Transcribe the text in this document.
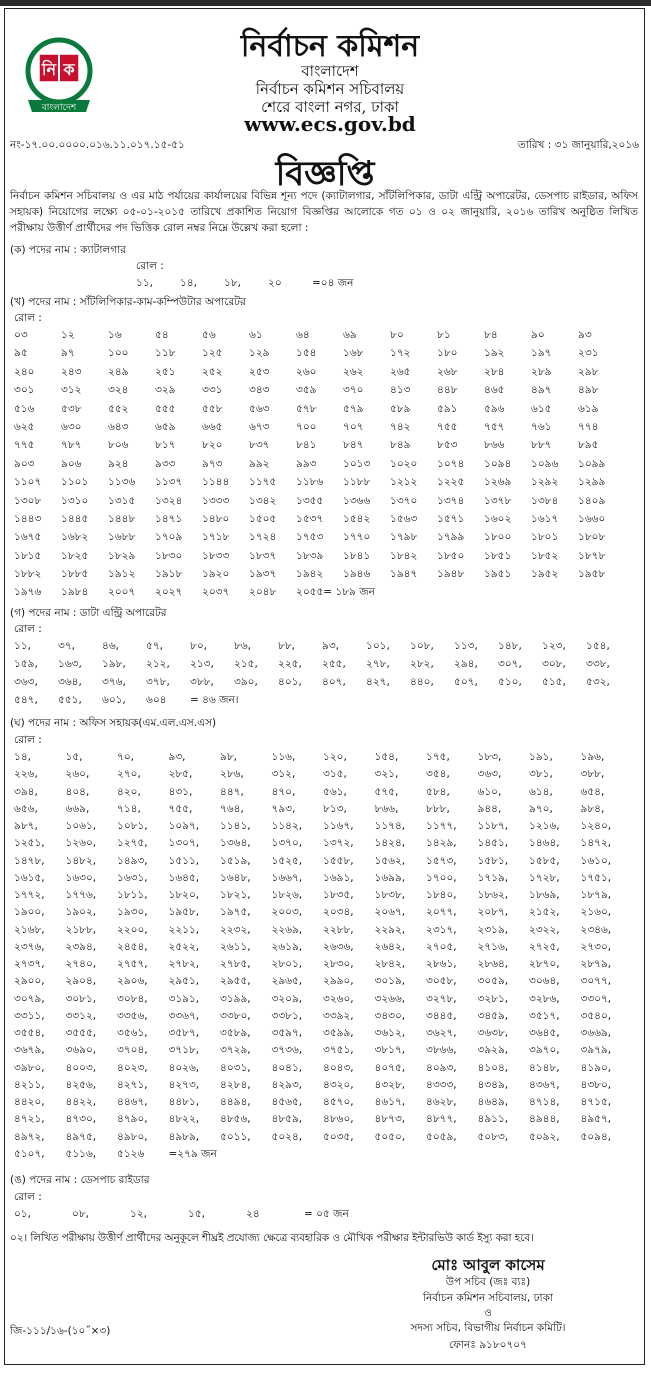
নি ক
বাংলাদেশ
নির্বাচন কমিশন
বাংলাদেশ
নির্বাচন কমিশন সচিবালয়
শেরে বাংলা নগর, ঢাকা
www.ecs.gov.bd
নং-১৭.০০.০০০০.০১৬.১১.০১৭.১৫-৫১	তারিখ : ৩১ জানুয়ারি,২০১৬
বিজ্ঞপ্তি
নির্বাচন কমিশন সচিবালয় ও এর মাঠ পর্যায়ের কার্যালয়ের বিভিন্ন শূন্য পদে (ক্যাটালগার, সাঁটলিপিকার, ডাটা এন্ট্রি অপারেটর, ডেসপাচ রাইডার, অফিস সহায়ক) নিয়োগের লক্ষ্যে ০৫-০১-২০১৫ তারিখে প্রকাশিত নিয়োগ বিজ্ঞপ্তির আলোকে গত ০১ ও ০২ জানুয়ারি, ২০১৬ তারিখ অনুষ্ঠিত লিখিত পরীক্ষায় উত্তীর্ণ প্রার্থীদের পদ ভিত্তিক রোল নম্বর নিম্নে উল্লেখ করা হলো :
(ক) পদের নাম : ক্যাটালগার
রোল :
১১,	১৪,	১৮,	২০	=০৪ জন
(খ) পদের নাম : সাঁটলিপিকার-কাম-কম্পিউটার অপারেটর
রোল :
০৩	১২	১৬	৫৪	৫৬	৬১	৬৪	৬৯	৮০	৮১	৮৪	৯০	৯৩
৯৫	৯৭	১০০	১১৮	১২৫	১২৯	১৫৪	১৬৮	১৭২	১৮০	১৯২	১৯৭	২৩১
২৪০	২৪৩	২৪৯	২৫১	২৫২	২৫৩	২৬০	২৬২	২৬৫	২৬৮	২৮৪	২৮৯	২৯৮
৩০১	৩১২	৩২৪	৩২৯	৩৩১	৩৪৩	৩৫৯	৩৭০	৪১৩	৪৪৮	৪৬৫	৪৯৭	৪৯৮
৫১৬	৫৩৮	৫৫২	৫৫৫	৫৫৮	৫৬৩	৫৭৮	৫৭৯	৫৮৯	৫৯১	৫৯৬	৬১৫	৬১৯
৬২৫	৬৩০	৬৪৩	৬৫৯	৬৬৫	৬৭৩	৭০০	৭০৭	৭৪২	৭৫৫	৭৫৭	৭৬১	৭৭৪
৭৭৫	৭৮৭	৮০৬	৮১৭	৮২০	৮৩৭	৮৪১	৮৪৭	৮৪৯	৮৫৩	৮৬৬	৮৮৭	৮৯৫
৯০৩	৯০৬	৯২৪	৯৩৩	৯৭৩	৯৯২	৯৯৩	১০১৩	১০২০	১০৭৪	১০৯৪	১০৯৬	১০৯৯
১১০৭	১১০১	১১৩৬	১১৩৭	১১৪৪	১১৭৫	১১৮৬	১১৮৮	১২১২	১২২৫	১২৬৯	১২৯২	১২৯৯
১৩০৮	১৩১০	১৩১৫	১৩২৪	১৩৩৩	১৩৪২	১৩৫৫	১৩৬৬	১৩৭০	১৩৭৪	১৩৭৮	১৩৮৪	১৪০৯
১৪৪৩	১৪৪৫	১৪৪৮	১৪৭১	১৪৮০	১৫০৫	১৫৩৭	১৫৪২	১৫৬৩	১৫৭১	১৬০২	১৬১৭	১৬৬০
১৬৭৫	১৬৮২	১৬৮৮	১৭০৯	১৭১৮	১৭২৪	১৭৫৩	১৭৭০	১৭৯৮	১৭৯৯	১৮০০	১৮০১	১৮০৮
১৮১৫	১৮২৫	১৮২৯	১৮৩০	১৮৩৩	১৮৩৭	১৮৩৯	১৮৪১	১৮৪২	১৮৫০	১৮৫১	১৮৫২	১৮৭৮
১৮৮২	১৮৮৫	১৯১২	১৯১৮	১৯২০	১৯৩৭	১৯৪২	১৯৪৬	১৯৪৭	১৯৪৮	১৯৫১	১৯৫২	১৯৫৮
১৯৭৬	১৯৮৪	২০০৭	২০২৭	২০৩৭	২০৪৮	২০৫৫= ১৮৯ জন
(গ) পদের নাম : ডাটা এন্ট্রি অপারেটর
রোল :
১১,	৩৭,	৪৬,	৫৭,	৮০,	৮৬,	৮৮,	৯৩,	১০১,	১০৮,	১১৩,	১৪৮,	১২৩,	১৫৪,
১৫৯,	১৬৩,	১৯৮,	২১২,	২১৩,	২১৫,	২২৫,	২৫৫,	২৭৮,	২৮২,	২৯৪,	৩০৭,	৩০৮,	৩৩৮,
৩৬৩,	৩৬৪,	৩৭৬,	৩৭৮,	৩৮৮,	৩৯০,	৪০১,	৪০৭,	৪২৭,	৪৪০,	৫০৭,	৫১০,	৫১৫,	৫৩২,
৫৪৭,	৫৫১,	৬০১,	৬০৪	= ৪৬ জন।
(ঘ) পদের নাম : অফিস সহায়ক(এম.এল.এস.এস)
রোল :
১৪,	১৫,	৭০,	৯৩,	৯৮,	১১৬,	১২০,	১৫৪,	১৭৫,	১৮৩,	১৯১,	১৯৬,
২২৬,	২৬০,	২৭০,	২৮৫,	২৮৬,	৩১২,	৩১৫,	৩২১,	৩৫৪,	৩৬৩,	৩৮১,	৩৮৮,
৩৯৪,	৪০৪,	৪২০,	৪৩১,	৪৪৭,	৪৭০,	৫৬১,	৫৭৫,	৫৮৪,	৬১০,	৬১৪,	৬৫৪,
৬৫৬,	৬৬৯,	৭১৪,	৭৫৫,	৭৬৪,	৭৯৩,	৮১৩,	৮৬৬,	৮৮৮,	৯৪৪,	৯৭০,	৯৮৪,
৯৮৭,	১০৬১,	১০৮১,	১০৯৭,	১১৪১,	১১৪২,	১১৬৭,	১১৭৪,	১১৭৭,	১১৮৭,	১২১৬,	১২৪০,
১২৫১,	১২৬০,	১২৭৫,	১৩০৭,	১৩৬৪,	১৩৭০,	১৩৭২,	১৪২৪,	১৪২৯,	১৪৫১,	১৪৬৪,	১৪৭২,
১৪৭৮,	১৪৮২,	১৪৯৩,	১৫১১,	১৫১৯,	১৫২৫,	১৫৫৮,	১৫৬২,	১৫৭৩,	১৫৮১,	১৫৮৫,	১৬১০,
১৬১৫,	১৬৩০,	১৬৩১,	১৬৪৫,	১৬৪৮,	১৬৬৭,	১৬৯১,	১৬৯৯,	১৭০০,	১৭১৯,	১৭২৮,	১৭৫১,
১৭৭২,	১৭৭৬,	১৮১১,	১৮২০,	১৮২১,	১৮২৬,	১৮৩৫,	১৮৩৮,	১৮৪০,	১৮৬২,	১৮৬৯,	১৮৭৯,
১৯০০,	১৯০২,	১৯৩০,	১৯৫৮,	১৯৭৫,	২০০৩,	২০৩৪,	২০৬৭,	২০৭৭,	২০৮৭,	২১৫২,	২১৬০,
২১৬৮,	২১৮৮,	২২০০,	২২১১,	২২৩২,	২২৬৯,	২২৮৮,	২২৯২,	২৩১৭,	২৩১৯,	২৩২২,	২৩৪৬,
২৩৭৬,	২৩৯৪,	২৪৫৪,	২৫২২,	২৬১১,	২৬১৯,	২৬৩৬,	২৬৪২,	২৭০৫,	২৭১৬,	২৭২৫,	২৭৩০,
২৭৩৭,	২৭৪০,	২৭৫৭,	২৭৮২,	২৭৮৫,	২৮০১,	২৮৩০,	২৮৪২,	২৮৬১,	২৮৬৪,	২৮৭০,	২৮৭৯,
২৯০০,	২৯০৪,	২৯০৬,	২৯৫১,	২৯৫৫,	২৯৬৫,	২৯৯০,	৩০১৯,	৩০৫৮,	৩০৫৯,	৩০৬৪,	৩০৭৭,
৩০৭৯,	৩০৮১,	৩০৮৪,	৩১৯১,	৩১৯৯,	৩২০৯,	৩২৬০,	৩২৬৬,	৩২৭৮,	৩২৮১,	৩২৮৬,	৩৩০৭,
৩৩১১,	৩৩১২,	৩৩৫৬,	৩৩৬৭,	৩৩৮০,	৩৩৮১,	৩৩৯২,	৩৪৩০,	৩৪৪৫,	৩৪৫৯,	৩৫১৭,	৩৫৪০,
৩৫৫৪,	৩৫৫৫,	৩৫৬১,	৩৫৮৭,	৩৫৮৯,	৩৫৯৭,	৩৫৯৯,	৩৬১২,	৩৬২৭,	৩৬৩৮,	৩৬৪৫,	৩৬৬৯,
৩৬৭৯,	৩৬৯০,	৩৭০৪,	৩৭১৮,	৩৭২৯,	৩৭৩৬,	৩৭৫১,	৩৮১৭,	৩৮৬৬,	৩৯২৯,	৩৯৭০,	৩৯৭৯,
৩৯৮০,	৪০০৩,	৪০২৩,	৪০২৬,	৪০৩১,	৪০৪১,	৪০৪৩,	৪০৭৫,	৪০৯৩,	৪১০৪,	৪১৪৮,	৪১৯০,
৪২১১,	৪২৫৬,	৪২৭১,	৪২৭৩,	৪২৮৪,	৪২৯৩,	৪৩২০,	৪৩২৮,	৪৩৩৩,	৪৩৪৯,	৪৩৬৭,	৪৩৮০,
৪৪২০,	৪৪২২,	৪৪৬৭,	৪৪৮১,	৪৪৯৪,	৪৫৬৫,	৪৫৭০,	৪৬১৭,	৪৬২৮,	৪৬৪৯,	৪৭১৪,	৪৭১৫,
৪৭২১,	৪৭৩০,	৪৭৯০,	৪৮২২,	৪৮৫৬,	৪৮৫৯,	৪৮৬০,	৪৮৭৩,	৪৮৭৭,	৪৯১১,	৪৯৪৪,	৪৯৫৭,
৪৯৭২,	৪৯৭৫,	৪৯৮০,	৪৯৮৯,	৫০১১,	৫০২৪,	৫০৩৫,	৫০৫০,	৫০৫৯,	৫০৮৩,	৫০৯২,	৫০৯৪,
৫১০৭,	৫১১৬,	৫১২৬	=২৭৯ জন
(ঙ) পদের নাম : ডেসপাচ রাইডার
রোল :
০১,	০৮,	১২,	১৫,	২৪	= ০৫ জন
০২। লিখিত পরীক্ষায় উত্তীর্ণ প্রার্থীদের অনুকূলে শীঘ্রই প্রযোজ্য ক্ষেত্রে ব্যবহারিক ও মৌখিক পরীক্ষার ইন্টারভিউ কার্ড ইস্যু করা হবে।
মোঃ আবুল কাসেম
উপ সচিব (জঃ ব্যঃ)
নির্বাচন কমিশন সচিবালয়, ঢাকা
ও
সদস্য সচিব, বিভাগীয় নির্বাচন কমিটি।
ফোনঃ ৯১৮০৭০৭
জি-১১১/১৬-(১০˝×৩)
